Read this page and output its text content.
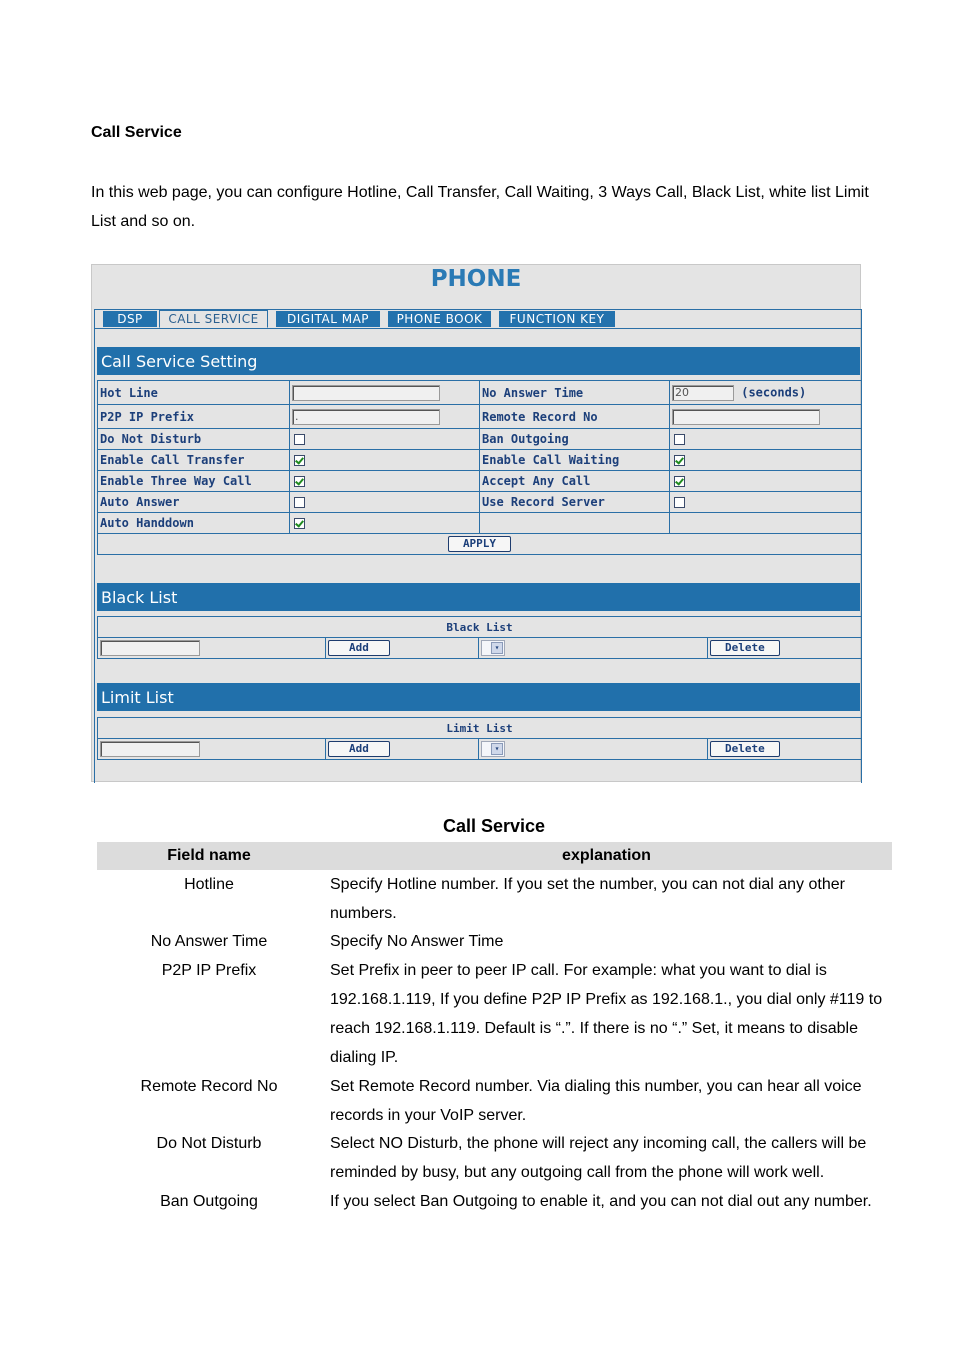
Call Service
In this web page, you can configure Hotline, Call Transfer, Call Waiting, 3 Ways Call, Black List, white list Limit List and so on.
PHONE
DSP	CALL SERVICE	DIGITAL MAP	PHONE BOOK	FUNCTION KEY
Call Service Setting
Hot Line		No Answer Time	20 (seconds)
P2P IP Prefix	.	Remote Record No	
Do Not Disturb		Ban Outgoing	
Enable Call Transfer		Enable Call Waiting	
Enable Three Way Call		Accept Any Call	
Auto Answer		Use Record Server	
Auto Handdown			
APPLY			
Black List
Black List
	Add	▾	Delete
Limit List
Limit List
	Add	▾	Delete
Call Service
Field name	explanation
Hotline	Specify Hotline number. If you set the number, you can not dial any other numbers.
No Answer Time	Specify No Answer Time
P2P IP Prefix	Set Prefix in peer to peer IP call. For example: what you want to dial is 192.168.1.119, If you define P2P IP Prefix as 192.168.1., you dial only #119 to reach 192.168.1.119. Default is “.”. If there is no “.” Set, it means to disable dialing IP.
Remote Record No	Set Remote Record number. Via dialing this number, you can hear all voice records in your VoIP server.
Do Not Disturb	Select NO Disturb, the phone will reject any incoming call, the callers will be reminded by busy, but any outgoing call from the phone will work well.
Ban Outgoing	If you select Ban Outgoing to enable it, and you can not dial out any number.
